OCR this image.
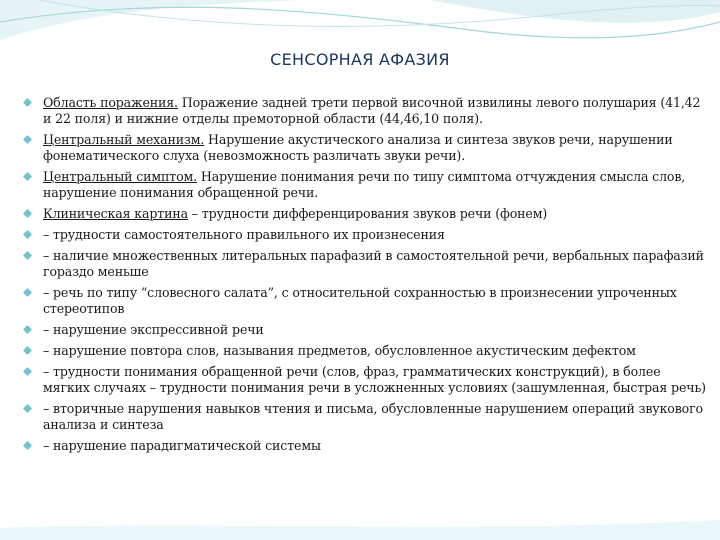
СЕНСОРНАЯ АФАЗИЯ
Область поражения. Поражение задней трети первой височной извилины левого полушария (41,42 и 22 поля) и нижние отделы премоторной области (44,46,10 поля).
Центральный механизм. Нарушение акустического анализа и синтеза звуков речи, нарушении фонематического слуха (невозможность различать звуки речи).
Центральный симптом. Нарушение понимания речи по типу симптома отчуждения смысла слов, нарушение понимания обращенной речи.
Клиническая картина – трудности дифференцирования звуков речи (фонем)
– трудности самостоятельного правильного их произнесения
– наличие множественных литеральных парафазий в самостоятельной речи, вербальных парафазий гораздо меньше
– речь по типу “словесного салата”, с относительной сохранностью в произнесении упроченных стереотипов
– нарушение экспрессивной речи
– нарушение повтора слов, называния предметов, обусловленное акустическим дефектом
– трудности понимания обращенной речи (слов, фраз, грамматических конструкций), в более мягких случаях – трудности понимания речи в усложненных условиях (зашумленная, быстрая речь)
– вторичные нарушения навыков чтения и письма, обусловленные нарушением операций звукового анализа и синтеза
– нарушение парадигматической системы
